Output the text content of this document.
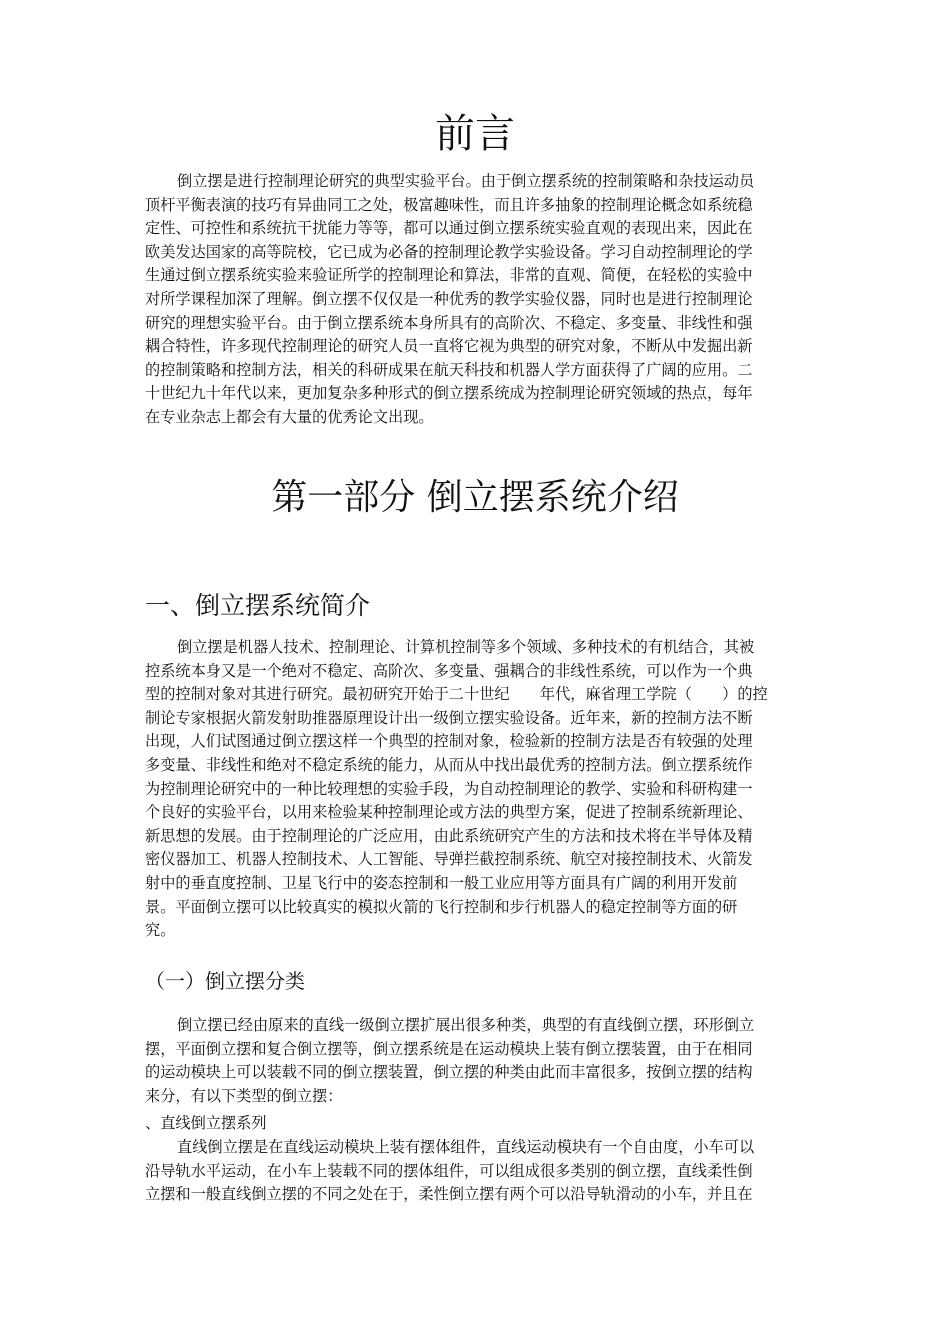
前言
倒立摆是进行控制理论研究的典型实验平台。由于倒立摆系统的控制策略和杂技运动员
顶杆平衡表演的技巧有异曲同工之处，极富趣味性，而且许多抽象的控制理论概念如系统稳
定性、可控性和系统抗干扰能力等等，都可以通过倒立摆系统实验直观的表现出来，因此在
欧美发达国家的高等院校，它已成为必备的控制理论教学实验设备。学习自动控制理论的学
生通过倒立摆系统实验来验证所学的控制理论和算法，非常的直观、简便，在轻松的实验中
对所学课程加深了理解。倒立摆不仅仅是一种优秀的教学实验仪器，同时也是进行控制理论
研究的理想实验平台。由于倒立摆系统本身所具有的高阶次、不稳定、多变量、非线性和强
耦合特性，许多现代控制理论的研究人员一直将它视为典型的研究对象，不断从中发掘出新
的控制策略和控制方法，相关的科研成果在航天科技和机器人学方面获得了广阔的应用。二
十世纪九十年代以来，更加复杂多种形式的倒立摆系统成为控制理论研究领域的热点，每年
在专业杂志上都会有大量的优秀论文出现。
第一部分 倒立摆系统介绍
一、倒立摆系统简介
倒立摆是机器人技术、控制理论、计算机控制等多个领域、多种技术的有机结合，其被
控系统本身又是一个绝对不稳定、高阶次、多变量、强耦合的非线性系统，可以作为一个典
型的控制对象对其进行研究。最初研究开始于二十世纪　　年代，麻省理工学院（　　）的控
制论专家根据火箭发射助推器原理设计出一级倒立摆实验设备。近年来，新的控制方法不断
出现，人们试图通过倒立摆这样一个典型的控制对象，检验新的控制方法是否有较强的处理
多变量、非线性和绝对不稳定系统的能力，从而从中找出最优秀的控制方法。倒立摆系统作
为控制理论研究中的一种比较理想的实验手段，为自动控制理论的教学、实验和科研构建一
个良好的实验平台，以用来检验某种控制理论或方法的典型方案，促进了控制系统新理论、
新思想的发展。由于控制理论的广泛应用，由此系统研究产生的方法和技术将在半导体及精
密仪器加工、机器人控制技术、人工智能、导弹拦截控制系统、航空对接控制技术、火箭发
射中的垂直度控制、卫星飞行中的姿态控制和一般工业应用等方面具有广阔的利用开发前
景。平面倒立摆可以比较真实的模拟火箭的飞行控制和步行机器人的稳定控制等方面的研
究。
（一）倒立摆分类
倒立摆已经由原来的直线一级倒立摆扩展出很多种类，典型的有直线倒立摆，环形倒立
摆，平面倒立摆和复合倒立摆等，倒立摆系统是在运动模块上装有倒立摆装置，由于在相同
的运动模块上可以装载不同的倒立摆装置，倒立摆的种类由此而丰富很多，按倒立摆的结构
来分，有以下类型的倒立摆：
、直线倒立摆系列
直线倒立摆是在直线运动模块上装有摆体组件，直线运动模块有一个自由度，小车可以
沿导轨水平运动，在小车上装载不同的摆体组件，可以组成很多类别的倒立摆，直线柔性倒
立摆和一般直线倒立摆的不同之处在于，柔性倒立摆有两个可以沿导轨滑动的小车，并且在
